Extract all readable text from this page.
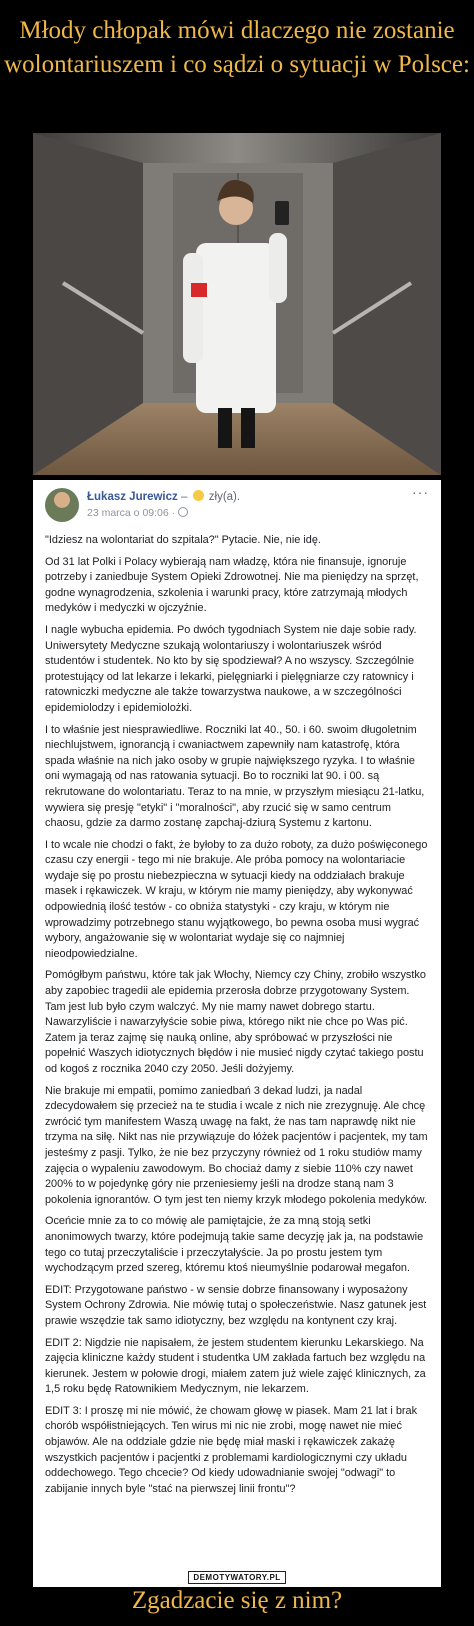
Młody chłopak mówi dlaczego nie zostanie wolontariuszem i co sądzi o sytuacji w Polsce:
Łukasz Jurewicz – zły(a).
23 marca o 09:06 ·
···

"Idziesz na wolontariat do szpitala?" Pytacie. Nie, nie idę.

Od 31 lat Polki i Polacy wybierają nam władzę, która nie finansuje, ignoruje potrzeby i zaniedbuje System Opieki Zdrowotnej. Nie ma pieniędzy na sprzęt, godne wynagrodzenia, szkolenia i warunki pracy, które zatrzymają młodych medyków i medyczki w ojczyźnie.

I nagle wybucha epidemia. Po dwóch tygodniach System nie daje sobie rady. Uniwersytety Medyczne szukają wolontariuszy i wolontariuszek wśród studentów i studentek. No kto by się spodziewał? A no wszyscy. Szczególnie protestujący od lat lekarze i lekarki, pielęgniarki i pielęgniarze czy ratownicy i ratowniczki medyczne ale także towarzystwa naukowe, a w szczególności epidemiolodzy i epidemiolożki.

I to właśnie jest niesprawiedliwe. Roczniki lat 40., 50. i 60. swoim długoletnim niechlujstwem, ignorancją i cwaniactwem zapewniły nam katastrofę, która spada właśnie na nich jako osoby w grupie największego ryzyka. I to właśnie oni wymagają od nas ratowania sytuacji. Bo to roczniki lat 90. i 00. są rekrutowane do wolontariatu. Teraz to na mnie, w przyszłym miesiącu 21-latku, wywiera się presję "etyki" i "moralności", aby rzucić się w samo centrum chaosu, gdzie za darmo zostanę zapchaj-dziurą Systemu z kartonu.

I to wcale nie chodzi o fakt, że byłoby to za dużo roboty, za dużo poświęconego czasu czy energii - tego mi nie brakuje. Ale próba pomocy na wolontariacie wydaje się po prostu niebezpieczna w sytuacji kiedy na oddziałach brakuje masek i rękawiczek. W kraju, w którym nie mamy pieniędzy, aby wykonywać odpowiednią ilość testów - co obniża statystyki - czy kraju, w którym nie wprowadzimy potrzebnego stanu wyjątkowego, bo pewna osoba musi wygrać wybory, angażowanie się w wolontariat wydaje się co najmniej nieodpowiedzialne.

Pomógłbym państwu, które tak jak Włochy, Niemcy czy Chiny, zrobiło wszystko aby zapobiec tragedii ale epidemia przerosła dobrze przygotowany System. Tam jest lub było czym walczyć. My nie mamy nawet dobrego startu. Nawarzyliście i nawarzyłyście sobie piwa, którego nikt nie chce po Was pić. Zatem ja teraz zajmę się nauką online, aby spróbować w przyszłości nie popełnić Waszych idiotycznych błędów i nie musieć nigdy czytać takiego postu od kogoś z rocznika 2040 czy 2050. Jeśli dożyjemy.

Nie brakuje mi empatii, pomimo zaniedbań 3 dekad ludzi, ja nadal zdecydowałem się przecież na te studia i wcale z nich nie zrezygnuję. Ale chcę zwrócić tym manifestem Waszą uwagę na fakt, że nas tam naprawdę nikt nie trzyma na siłę. Nikt nas nie przywiązuje do łóżek pacjentów i pacjentek, my tam jesteśmy z pasji. Tylko, że nie bez przyczyny również od 1 roku studiów mamy zajęcia o wypaleniu zawodowym. Bo chociaż damy z siebie 110% czy nawet 200% to w pojedynkę góry nie przeniesiemy jeśli na drodze staną nam 3 pokolenia ignorantów. O tym jest ten niemy krzyk młodego pokolenia medyków.

Oceńcie mnie za to co mówię ale pamiętajcie, że za mną stoją setki anonimowych twarzy, które podejmują takie same decyzję jak ja, na podstawie tego co tutaj przeczytaliście i przeczytałyście. Ja po prostu jestem tym wychodzącym przed szereg, któremu ktoś nieumyślnie podarował megafon.

EDIT: Przygotowane państwo - w sensie dobrze finansowany i wyposażony System Ochrony Zdrowia. Nie mówię tutaj o społeczeństwie. Nasz gatunek jest prawie wszędzie tak samo idiotyczny, bez względu na kontynent czy kraj.

EDIT 2: Nigdzie nie napisałem, że jestem studentem kierunku Lekarskiego. Na zajęcia kliniczne każdy student i studentka UM zakłada fartuch bez względu na kierunek. Jestem w połowie drogi, miałem zatem już wiele zajęć klinicznych, za 1,5 roku będę Ratownikiem Medycznym, nie lekarzem.

EDIT 3: I proszę mi nie mówić, że chowam głowę w piasek. Mam 21 lat i brak chorób współistniejących. Ten wirus mi nic nie zrobi, mogę nawet nie mieć objawów. Ale na oddziale gdzie nie będę miał maski i rękawiczek zakażę wszystkich pacjentów i pacjentki z problemami kardiologicznymi czy układu oddechowego. Tego chcecie? Od kiedy udowadnianie swojej "odwagi" to zabijanie innych byle "stać na pierwszej linii frontu"?

DEMOTYWATORY.PL
Zgadzacie się z nim?
